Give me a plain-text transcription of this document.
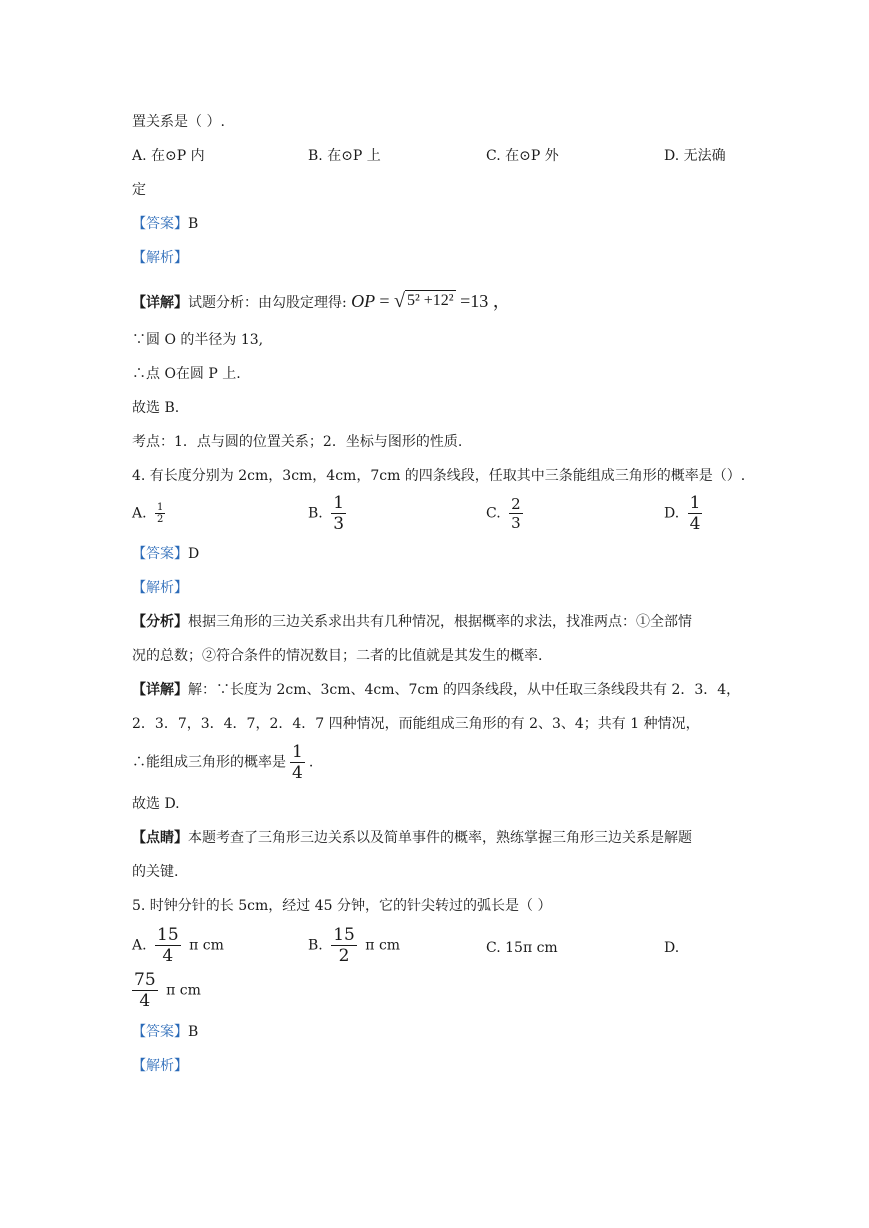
置关系是（ ）.
A. 在⊙P 内	B. 在⊙P 上	C. 在⊙P 外	D. 无法确
定
【答案】B
【解析】
【详解】试题分析：由勾股定理得: OP = √ 5² +12² =13 ，
∵圆 O 的半径为 13,
∴点 O在圆 P 上.
故选 B.
考点：1．点与圆的位置关系；2．坐标与图形的性质.
4. 有长度分别为 2cm，3cm，4cm，7cm 的四条线段，任取其中三条能组成三角形的概率是（）.
A. $\frac{1}{2}$	B. $\frac{1}{3}$	C. $\frac{2}{3}$	D. $\frac{1}{4}$
【答案】D
【解析】
【分析】根据三角形的三边关系求出共有几种情况，根据概率的求法，找准两点：①全部情
况的总数；②符合条件的情况数目；二者的比值就是其发生的概率.
【详解】解：∵长度为 2cm、3cm、4cm、7cm 的四条线段，从中任取三条线段共有 2．3．4，
2．3．7，3．4．7，2．4．7 四种情况，而能组成三角形的有 2、3、4；共有 1 种情况，
∴能组成三角形的概率是 $\frac{1}{4}$ .
故选 D.
【点睛】本题考查了三角形三边关系以及简单事件的概率，熟练掌握三角形三边关系是解题
的关键.
5. 时钟分针的长 5cm，经过 45 分钟，它的针尖转过的弧长是（ ）
A. $\frac{15}{4}$ π cm	B. $\frac{15}{2}$ π cm	C. 15π cm	D.
$\frac{75}{4}$ π cm
【答案】B
【解析】
